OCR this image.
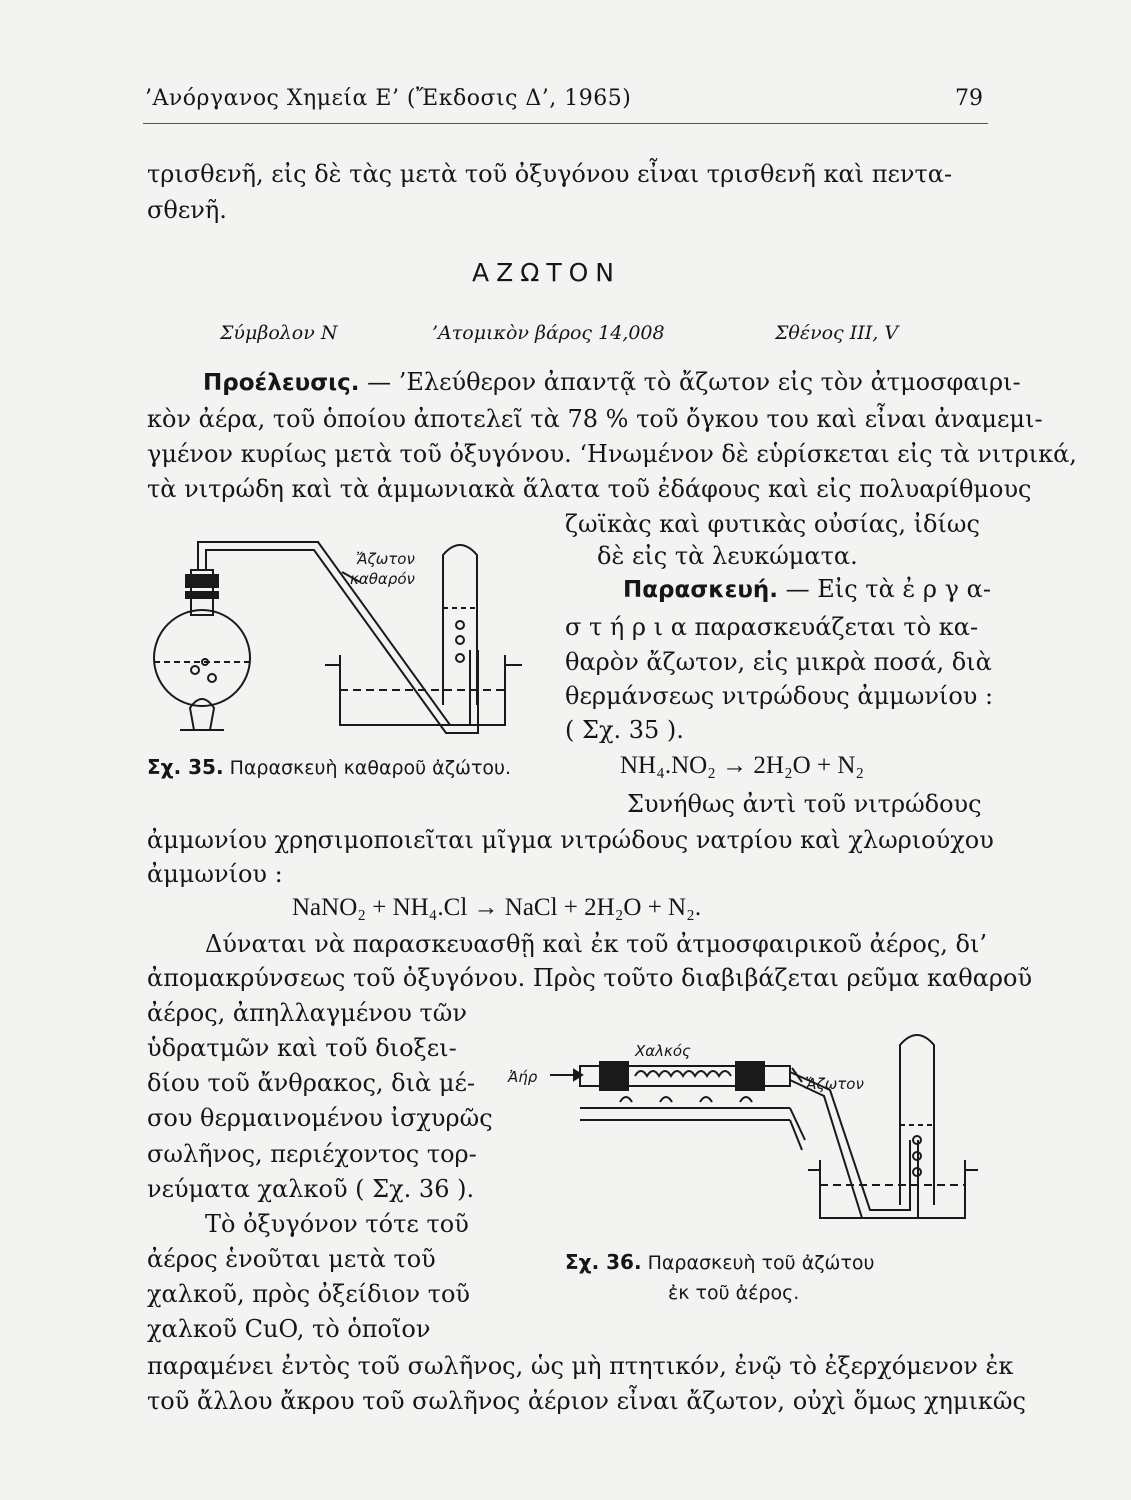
’Ανόργανος Χημεία Ε’ (Ἔκδοσις Δ’, 1965)	79
τρισθενῆ, εἰς δὲ τὰς μετὰ τοῦ ὀξυγόνου εἶναι τρισθενῆ καὶ πεντα-
σθενῆ.
ΑΖΩΤΟΝ
Σύμβολον N	’Ατομικὸν βάρος 14,008	Σθένος III, V
Προέλευσις. — ’Ελεύθερον ἀπαντᾷ τὸ ἄζωτον εἰς τὸν ἀτμοσφαιρι-
κὸν ἀέρα, τοῦ ὁποίου ἀποτελεῖ τὰ 78 % τοῦ ὄγκου του καὶ εἶναι ἀναμεμι-
γμένον κυρίως μετὰ τοῦ ὀξυγόνου. ‘Ηνωμένον δὲ εὑρίσκεται εἰς τὰ νιτρικά,
τὰ νιτρώδη καὶ τὰ ἀμμωνιακὰ ἅλατα τοῦ ἐδάφους καὶ εἰς πολυαρίθμους
ζωϊκὰς καὶ φυτικὰς οὐσίας, ἰδίως
δὲ εἰς τὰ λευκώματα.
Ἄζωτον
καθαρόν
Σχ. 35. Παρασκευὴ καθαροῦ ἀζώτου.
Παρασκευή. — Εἰς τὰ ἐ ρ γ α-
σ τ ή ρ ι α παρασκευάζεται τὸ κα-
θαρὸν ἄζωτον, εἰς μικρὰ ποσά, διὰ
θερμάνσεως νιτρώδους ἀμμωνίου :
( Σχ. 35 ).
NH₄.NO₂ → 2H₂O + N₂
Συνήθως ἀντὶ τοῦ νιτρώδους
ἀμμωνίου χρησιμοποιεῖται μῖγμα νιτρώδους νατρίου καὶ χλωριούχου
ἀμμωνίου :
NaNO₂ + NH₄.Cl → NaCl + 2H₂O + N₂.
Δύναται νὰ παρασκευασθῇ καὶ ἐκ τοῦ ἀτμοσφαιρικοῦ ἀέρος, δι’
ἀπομακρύνσεως τοῦ ὀξυγόνου. Πρὸς τοῦτο διαβιβάζεται ρεῦμα καθαροῦ
ἀέρος, ἀπηλλαγμένου τῶν
ὑδρατμῶν καὶ τοῦ διοξει-
δίου τοῦ ἄνθρακος, διὰ μέ-
σου θερμαινομένου ἰσχυρῶς
σωλῆνος, περιέχοντος τορ-
νεύματα χαλκοῦ ( Σχ. 36 ).
Τὸ ὀξυγόνον τότε τοῦ
ἀέρος ἑνοῦται μετὰ τοῦ
χαλκοῦ, πρὸς ὀξείδιον τοῦ
χαλκοῦ CuO, τὸ ὁποῖον
Χαλκός
Ἀήρ	Ἄζωτον
Σχ. 36. Παρασκευὴ τοῦ ἀζώτου
ἐκ τοῦ ἀέρος.
παραμένει ἐντὸς τοῦ σωλῆνος, ὡς μὴ πτητικόν, ἐνῷ τὸ ἐξερχόμενον ἐκ
τοῦ ἄλλου ἄκρου τοῦ σωλῆνος ἀέριον εἶναι ἄζωτον, οὐχὶ ὅμως χημικῶς
